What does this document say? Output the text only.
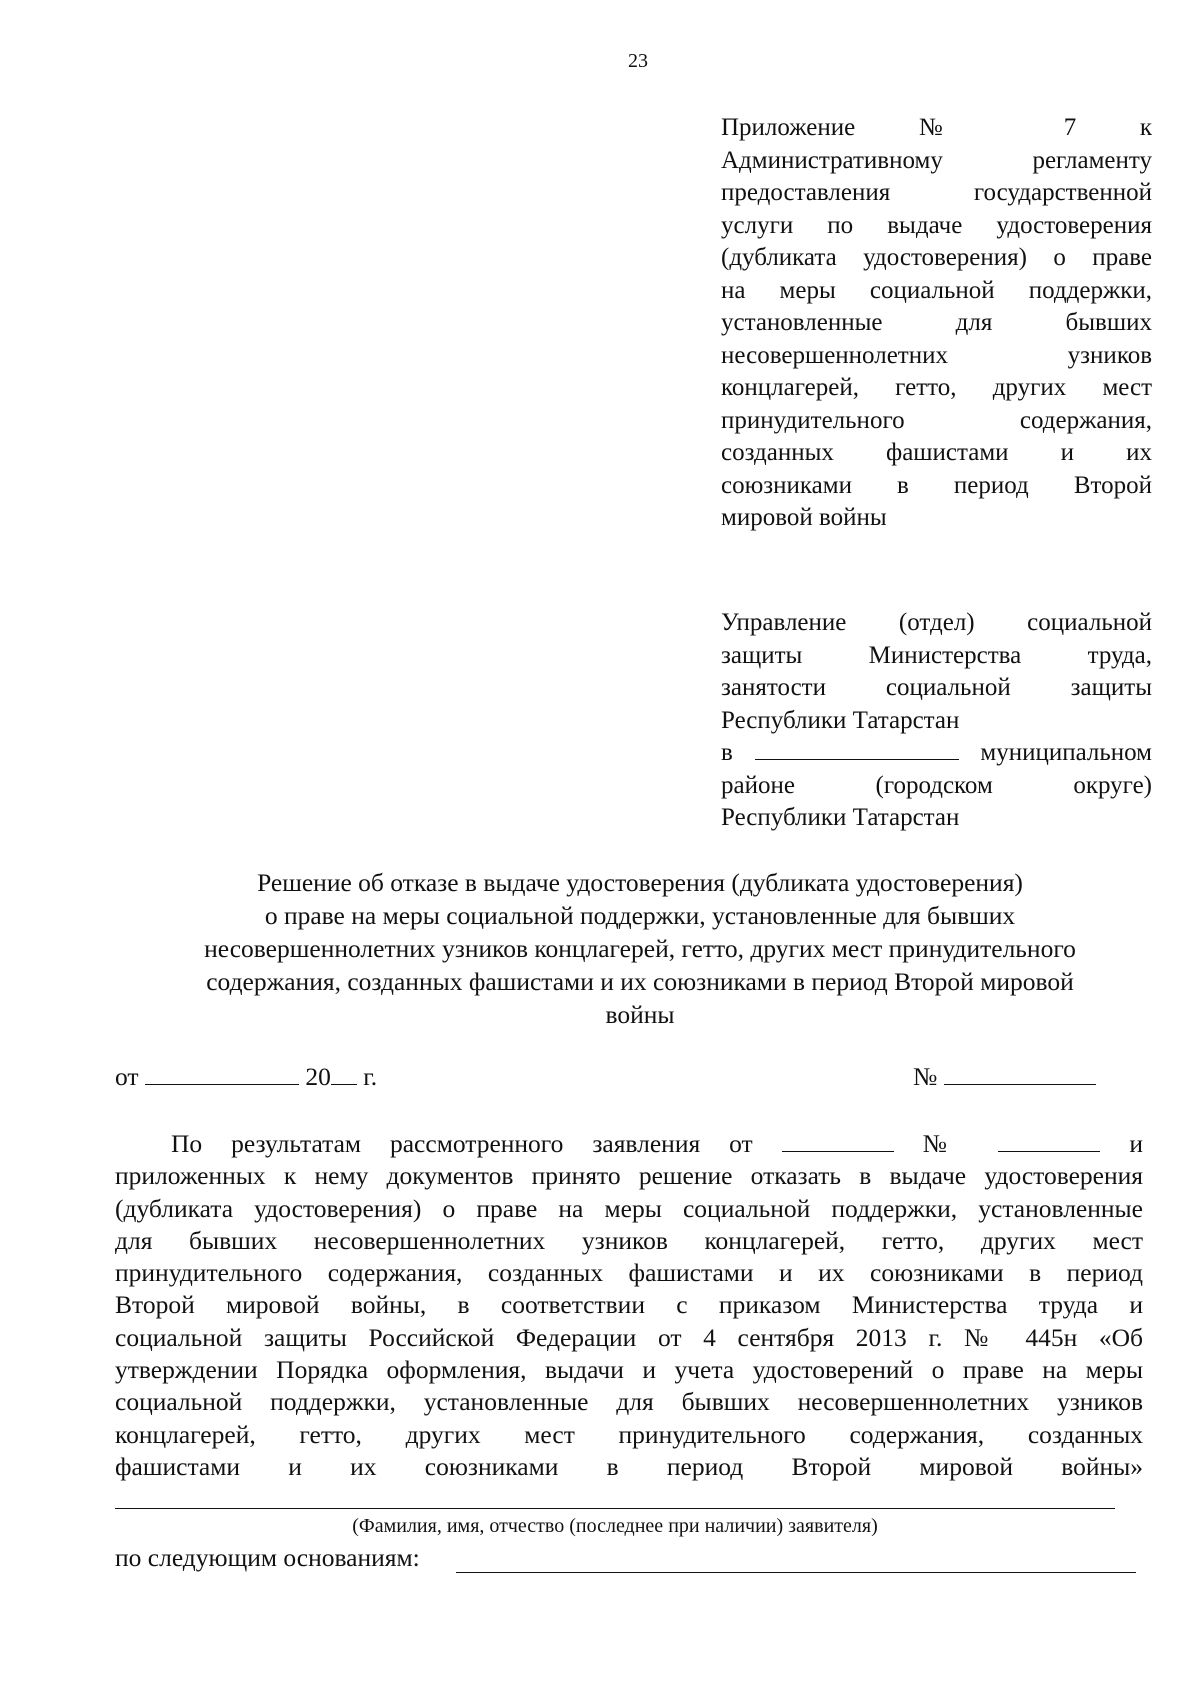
23
Приложение № 7 к
Административному регламенту
предоставления государственной
услуги по выдаче удостоверения
(дубликата удостоверения) о праве
на меры социальной поддержки,
установленные для бывших
несовершеннолетних узников
концлагерей, гетто, других мест
принудительного содержания,
созданных фашистами и их
союзниками в период Второй
мировой войны
Управление (отдел) социальной
защиты Министерства труда,
занятости социальной защиты
Республики Татарстан
в	муниципальном
районе (городском округе)
Республики Татарстан
Решение об отказе в выдаче удостоверения (дубликата удостоверения)
о праве на меры социальной поддержки, установленные для бывших
несовершеннолетних узников концлагерей, гетто, других мест принудительного
содержания, созданных фашистами и их союзниками в период Второй мировой
войны
от	20 г.	№
По результатам рассмотренного заявления от	№	и
приложенных к нему документов принято решение отказать в выдаче удостоверения
(дубликата удостоверения) о праве на меры социальной поддержки, установленные
для бывших несовершеннолетних узников концлагерей, гетто, других мест
принудительного содержания, созданных фашистами и их союзниками в период
Второй мировой войны, в соответствии с приказом Министерства труда и
социальной защиты Российской Федерации от 4 сентября 2013 г. № 445н «Об
утверждении Порядка оформления, выдачи и учета удостоверений о праве на меры
социальной поддержки, установленные для бывших несовершеннолетних узников
концлагерей, гетто, других мест принудительного содержания, созданных
фашистами и их союзниками в период Второй мировой войны»
(Фамилия, имя, отчество (последнее при наличии) заявителя)
по следующим основаниям:
